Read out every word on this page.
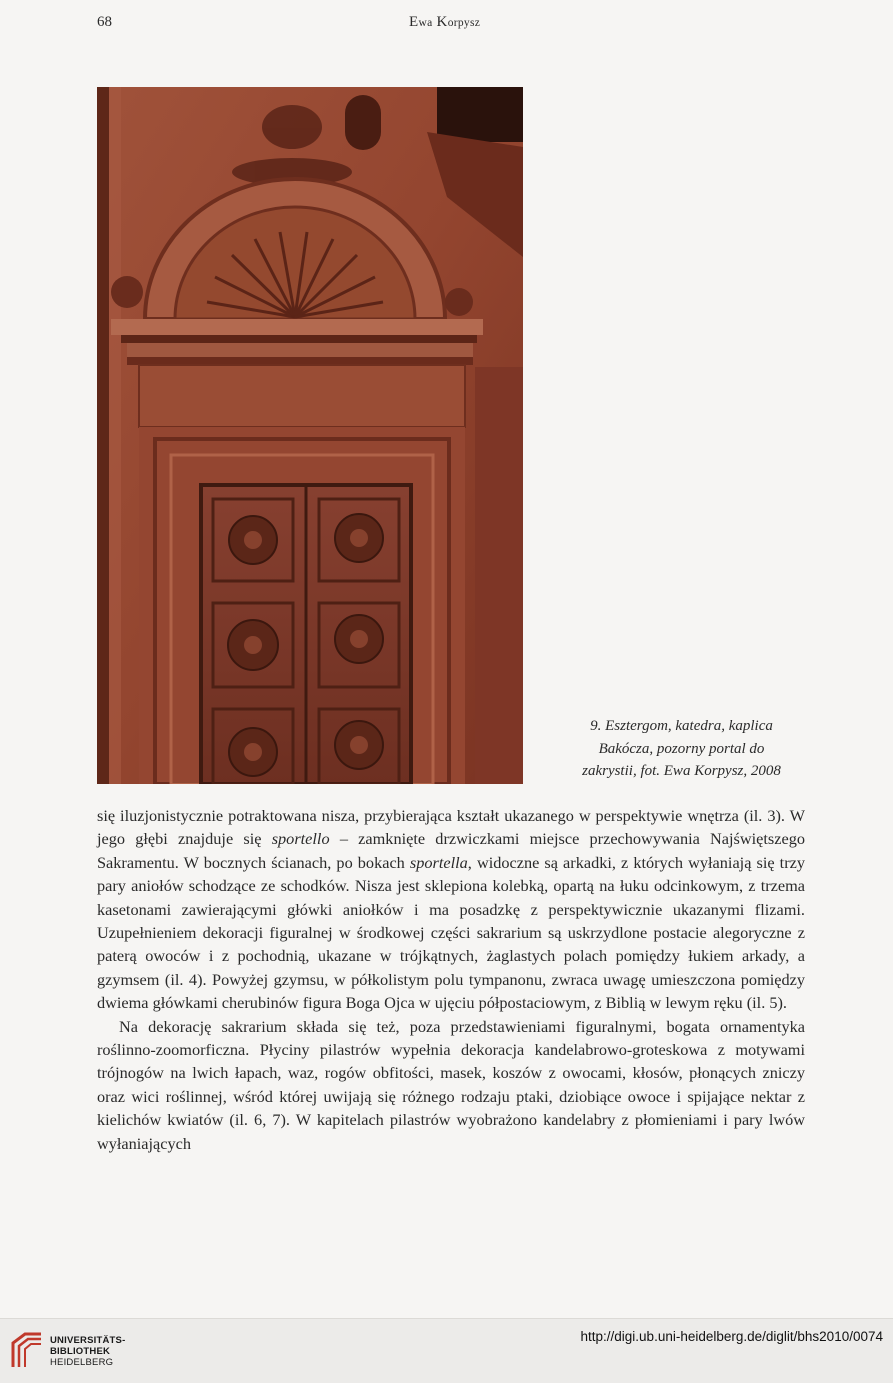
68	Ewa Korpysz
9. Esztergom, katedra, kaplica
Bakócza, pozorny portal do
zakrystii, fot. Ewa Korpysz, 2008

się iluzjonistycznie potraktowana nisza, przybierająca kształt ukazanego w perspektywie wnętrza (il. 3). W jego głębi znajduje się sportello – zamknięte drzwiczkami miejsce przechowywania Najświętszego Sakramentu. W bocznych ścianach, po bokach sportella, widoczne są arkadki, z których wyłaniają się trzy pary aniołów schodzące ze schodków. Nisza jest sklepiona kolebką, opartą na łuku odcinkowym, z trzema kasetonami zawierającymi główki aniołków i ma posadzkę z perspektywicznie ukazanymi flizami. Uzupełnieniem dekoracji figuralnej w środkowej części sakrarium są uskrzydlone postacie alegoryczne z paterą owoców i z pochodnią, ukazane w trójkątnych, żaglastych polach pomiędzy łukiem arkady, a gzymsem (il. 4). Powyżej gzymsu, w półkolistym polu tympanonu, zwraca uwagę umieszczona pomiędzy dwiema główkami cherubinów figura Boga Ojca w ujęciu półpostaciowym, z Biblią w lewym ręku (il. 5).

Na dekorację sakrarium składa się też, poza przedstawieniami figuralnymi, bogata ornamentyka roślinno-zoomorficzna. Płyciny pilastrów wypełnia dekoracja kandelabrowo-groteskowa z motywami trójnogów na lwich łapach, waz, rogów obfitości, masek, koszów z owocami, kłosów, płonących zniczy oraz wici roślinnej, wśród której uwijają się różnego rodzaju ptaki, dziobiące owoce i spijające nektar z kielichów kwiatów (il. 6, 7). W kapitelach pilastrów wyobrażono kandelabry z płomieniami i pary lwów wyłaniających

UNIVERSITÄTS-
BIBLIOTHEK
HEIDELBERG
http://digi.ub.uni-heidelberg.de/diglit/bhs2010/0074
